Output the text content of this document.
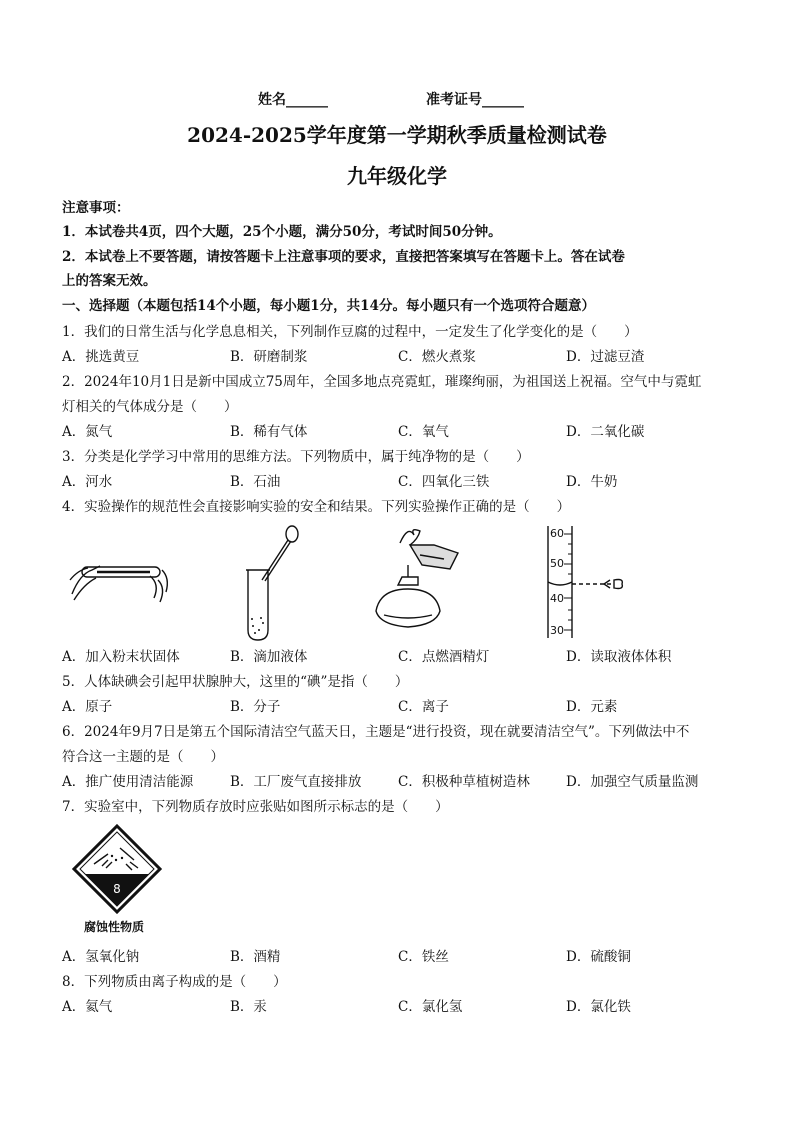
姓名______	准考证号______
2024-2025学年度第一学期秋季质量检测试卷
九年级化学
注意事项：
1．本试卷共4页，四个大题，25个小题，满分50分，考试时间50分钟。
2．本试卷上不要答题，请按答题卡上注意事项的要求，直接把答案填写在答题卡上。答在试卷
上的答案无效。
一、选择题（本题包括14个小题，每小题1分，共14分。每小题只有一个选项符合题意）
1．我们的日常生活与化学息息相关，下列制作豆腐的过程中，一定发生了化学变化的是（　　）
A．挑选黄豆	B．研磨制浆	C．燃火煮浆	D．过滤豆渣
2．2024年10月1日是新中国成立75周年，全国多地点亮霓虹，璀璨绚丽，为祖国送上祝福。空气中与霓虹
灯相关的气体成分是（　　）
A．氮气	B．稀有气体	C．氧气	D．二氧化碳
3．分类是化学学习中常用的思维方法。下列物质中，属于纯净物的是（　　）
A．河水	B．石油	C．四氧化三铁	D．牛奶
4．实验操作的规范性会直接影响实验的安全和结果。下列实验操作正确的是（　　）
60
50
40
30
A．加入粉末状固体	B．滴加液体	C．点燃酒精灯	D．读取液体体积
5．人体缺碘会引起甲状腺肿大，这里的“碘”是指（　　）
A．原子	B．分子	C．离子	D．元素
6．2024年9月7日是第五个国际清洁空气蓝天日，主题是“进行投资，现在就要清洁空气”。下列做法中不
符合这一主题的是（　　）
A．推广使用清洁能源	B．工厂废气直接排放	C．积极种草植树造林	D．加强空气质量监测
7．实验室中，下列物质存放时应张贴如图所示标志的是（　　）
8
腐蚀性物质
A．氢氧化钠	B．酒精	C．铁丝	D．硫酸铜
8．下列物质由离子构成的是（　　）
A．氦气	B．汞	C．氯化氢	D．氯化铁
